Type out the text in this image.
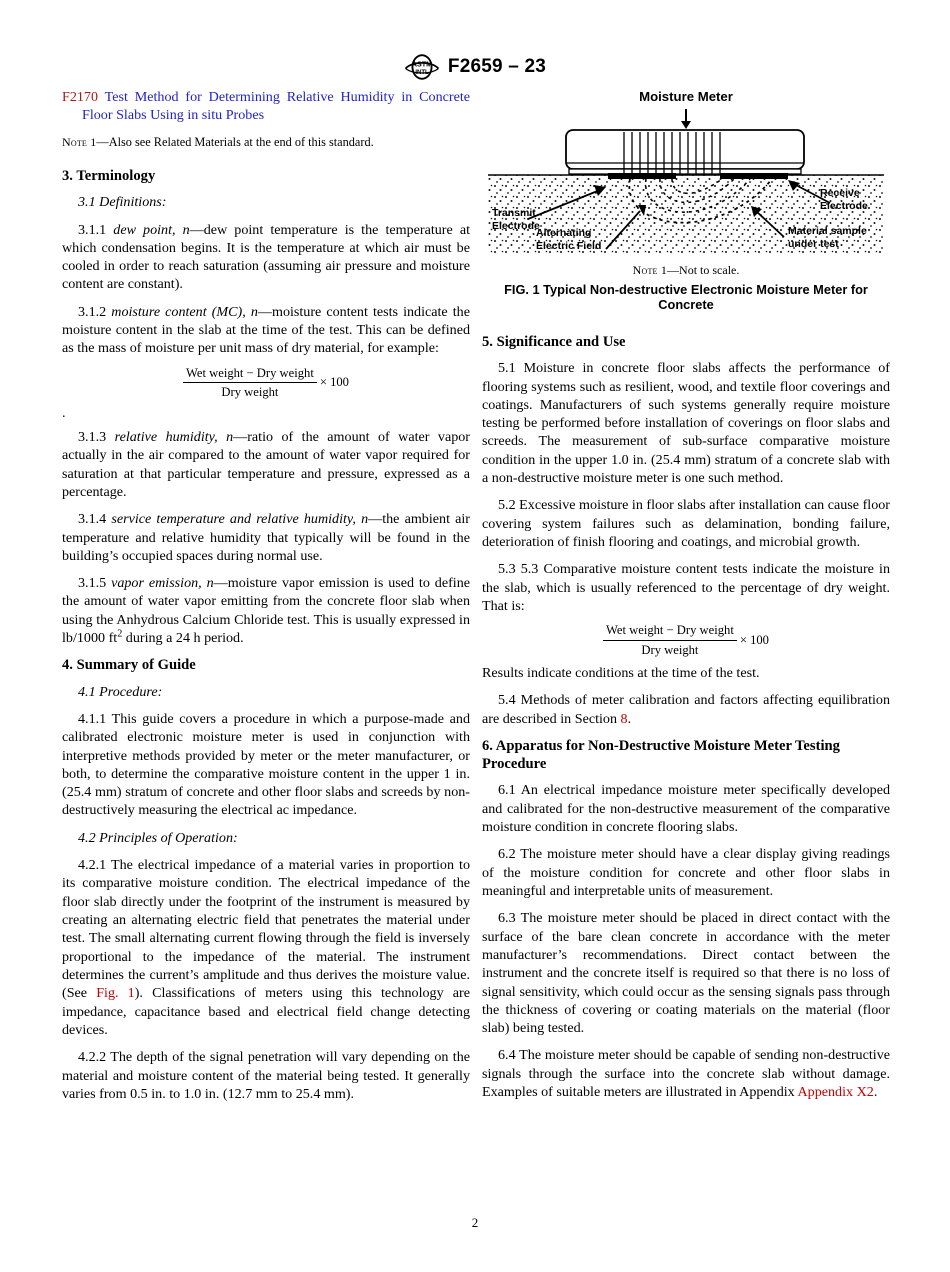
ASTM
INTL F2659 – 23

F2170 Test Method for Determining Relative Humidity in Concrete Floor Slabs Using in situ Probes

Note 1—Also see Related Materials at the end of this standard.

3. Terminology

3.1 Definitions:

3.1.1 dew point, n—dew point temperature is the temperature at which condensation begins. It is the temperature at which air must be cooled in order to reach saturation (assuming air pressure and moisture content are constant).

3.1.2 moisture content (MC), n—moisture content tests indicate the moisture content in the slab at the time of the test. This can be defined as the mass of moisture per unit mass of dry material, for example:

$\frac{\text{Wet weight − Dry weight}}{\text{Dry weight}} \times 100$

.

3.1.3 relative humidity, n—ratio of the amount of water vapor actually in the air compared to the amount of water vapor required for saturation at that particular temperature and pressure, expressed as a percentage.

3.1.4 service temperature and relative humidity, n—the ambient air temperature and relative humidity that typically will be found in the building’s occupied spaces during normal use.

3.1.5 vapor emission, n—moisture vapor emission is used to define the amount of water vapor emitting from the concrete floor slab when using the Anhydrous Calcium Chloride test. This is usually expressed in lb/1000 $ft^2$ during a 24 h period.

4. Summary of Guide

4.1 Procedure:

4.1.1 This guide covers a procedure in which a purpose-made and calibrated electronic moisture meter is used in conjunction with interpretive methods provided by meter or the meter manufacturer, or both, to determine the comparative moisture content in the upper 1 in. (25.4 mm) stratum of concrete and other floor slabs and screeds by non-destructively measuring the electrical ac impedance.

4.2 Principles of Operation:

4.2.1 The electrical impedance of a material varies in proportion to its comparative moisture condition. The electrical impedance of the floor slab directly under the footprint of the instrument is measured by creating an alternating electric field that penetrates the material under test. The small alternating current flowing through the field is inversely proportional to the impedance of the material. The instrument determines the current’s amplitude and thus derives the moisture value. (See Fig. 1). Classifications of meters using this technology are impedance, capacitance based and electrical field change detecting devices.

4.2.2 The depth of the signal penetration will vary depending on the material and moisture content of the material being tested. It generally varies from 0.5 in. to 1.0 in. (12.7 mm to 25.4 mm).

Moisture Meter
Transmit
Electrode
Receive
Electrode
Alternating
Electric Field
Material sample
under test
Note 1—Not to scale.
FIG. 1 Typical Non-destructive Electronic Moisture Meter for Concrete
5. Significance and Use

5.1 Moisture in concrete floor slabs affects the performance of flooring systems such as resilient, wood, and textile floor coverings and coatings. Manufacturers of such systems generally require moisture testing be performed before installation of coverings on floor slabs and screeds. The measurement of sub-surface comparative moisture condition in the upper 1.0 in. (25.4 mm) stratum of a concrete slab with a non-destructive moisture meter is one such method.

5.2 Excessive moisture in floor slabs after installation can cause floor covering system failures such as delamination, bonding failure, deterioration of finish flooring and coatings, and microbial growth.

5.3 5.3 Comparative moisture content tests indicate the moisture in the slab, which is usually referenced to the percentage of dry weight. That is:

$\frac{\text{Wet weight − Dry weight}}{\text{Dry weight}} \times 100$

Results indicate conditions at the time of the test.

5.4 Methods of meter calibration and factors affecting equilibration are described in Section 8.

6. Apparatus for Non-Destructive Moisture Meter Testing Procedure

6.1 An electrical impedance moisture meter specifically developed and calibrated for the non-destructive measurement of the comparative moisture condition in concrete flooring slabs.

6.2 The moisture meter should have a clear display giving readings of the moisture condition for concrete and other floor slabs in meaningful and interpretable units of measurement.

6.3 The moisture meter should be placed in direct contact with the surface of the bare clean concrete in accordance with the meter manufacturer’s recommendations. Direct contact between the instrument and the concrete itself is required so that there is no loss of signal sensitivity, which could occur as the sensing signals pass through the thickness of covering or coating materials on the material (floor slab) being tested.

6.4 The moisture meter should be capable of sending non-destructive signals through the surface into the concrete slab without damage. Examples of suitable meters are illustrated in Appendix Appendix X2.

2
